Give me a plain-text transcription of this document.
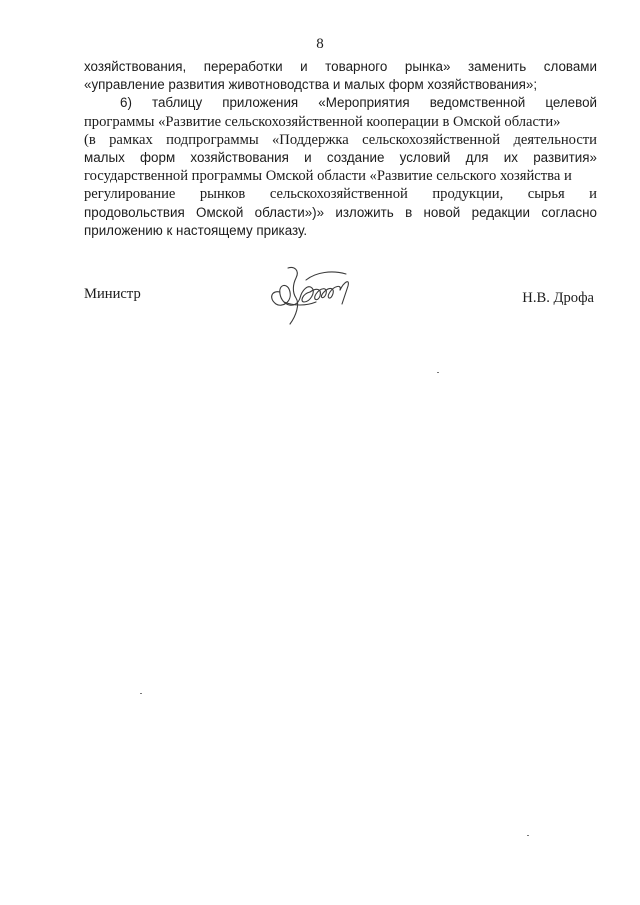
8
хозяйствования, переработки и товарного рынка» заменить словами
«управление развития животноводства и малых форм хозяйствования»;
6) таблицу приложения «Мероприятия ведомственной целевой
программы «Развитие сельскохозяйственной кооперации в Омской области»
(в рамках подпрограммы «Поддержка сельскохозяйственной деятельности
малых форм хозяйствования и создание условий для их развития»
государственной программы Омской области «Развитие сельского хозяйства и
регулирование рынков сельскохозяйственной продукции, сырья и
продовольствия Омской области»)» изложить в новой редакции согласно
приложению к настоящему приказу.
Министр	Н.В. Дрофа
